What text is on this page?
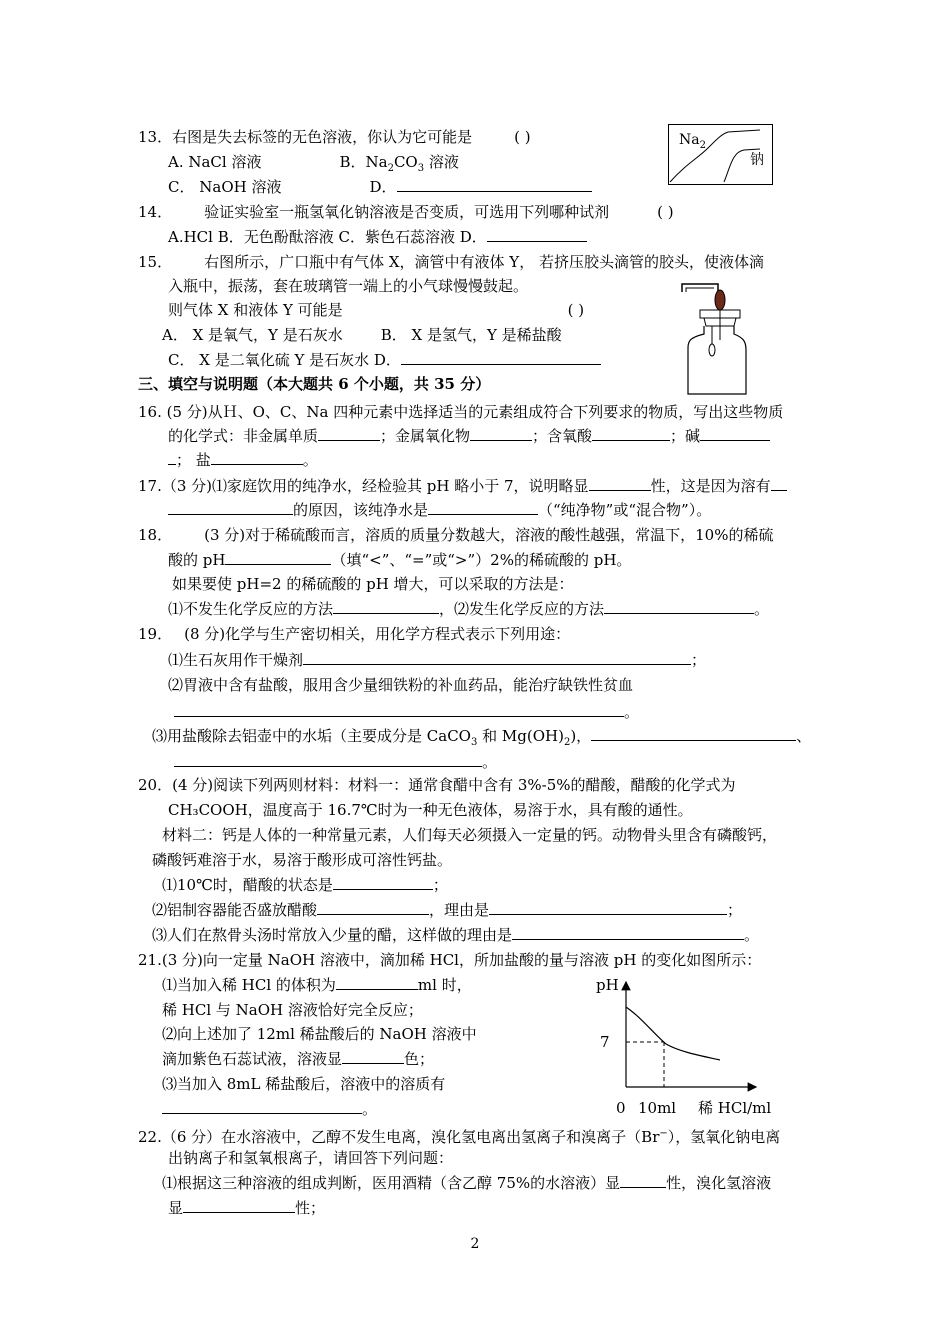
13．右图是失去标签的无色溶液，你认为它可能是	( )
A. NaCl 溶液	B．$Na_2CO_3$ 溶液
C． NaOH 溶液	D．
$Na_2$
钠
14． 验证实验室一瓶氢氧化钠溶液是否变质，可选用下列哪种试剂	( )
A.HCl B．无色酚酞溶液 C．紫色石蕊溶液 D．
15． 右图所示，广口瓶中有气体 X，滴管中有液体 Y， 若挤压胶头滴管的胶头，使液体滴
入瓶中，振荡，套在玻璃管一端上的小气球慢慢鼓起。
则气体 X 和液体 Y 可能是	( )
A． X 是氧气，Y 是石灰水	B． X 是氢气，Y 是稀盐酸
C． X 是二氧化硫 Y 是石灰水 D．
三、填空与说明题（本大题共 6 个小题，共 35 分）
16. (5 分)从Ｈ、O、C、Na 四种元素中选择适当的元素组成符合下列要求的物质，写出这些物质
的化学式：非金属单质	；金属氧化物	；含氧酸	；碱
； 盐	。
17.（3 分)⑴家庭饮用的纯净水，经检验其 pH 略小于 7，说明略显	性，这是因为溶有
的原因，该纯净水是	（“纯净物”或“混合物”）。
18． (3 分)对于稀硫酸而言，溶质的质量分数越大，溶液的酸性越强，常温下，10%的稀硫
酸的 pH	（填“<”、“=”或“>”）2%的稀硫酸的 pH。
如果要使 pH=2 的稀硫酸的 pH 增大，可以采取的方法是：
⑴不发生化学反应的方法	，⑵发生化学反应的方法	。
19． (8 分)化学与生产密切相关，用化学方程式表示下列用途：
⑴生石灰用作干燥剂	；
⑵胃液中含有盐酸，服用含少量细铁粉的补血药品，能治疗缺铁性贫血
。
⑶用盐酸除去铝壶中的水垢（主要成分是 CaCO$_3$ 和 $Mg(OH)_2$)，	、
。
20．(4 分)阅读下列两则材料：材料一：通常食醋中含有 3%-5%的醋酸，醋酸的化学式为
CH₃COOH，温度高于 16.7℃时为一种无色液体，易溶于水，具有酸的通性。
材料二：钙是人体的一种常量元素，人们每天必须摄入一定量的钙。动物骨头里含有磷酸钙，
磷酸钙难溶于水，易溶于酸形成可溶性钙盐。
⑴10℃时，醋酸的状态是	；
⑵铝制容器能否盛放醋酸	，理由是	；
⑶人们在熬骨头汤时常放入少量的醋，这样做的理由是	。
21.(3 分)向一定量 NaOH 溶液中，滴加稀 HCl，所加盐酸的量与溶液 pH 的变化如图所示：
⑴当加入稀 HCl 的体积为	ml 时，
稀 HCl 与 NaOH 溶液恰好完全反应；
⑵向上述加了 12ml 稀盐酸后的 NaOH 溶液中
滴加紫色石蕊试液，溶液显	色；
⑶当加入 8mL 稀盐酸后，溶液中的溶质有
。
pH
7
0 10ml 稀 HCl/ml
22.（6 分）在水溶液中，乙醇不发生电离，溴化氢电离出氢离子和溴离子（Br−），氢氧化钠电离
出钠离子和氢氧根离子，请回答下列问题：
⑴根据这三种溶液的组成判断，医用酒精（含乙醇 75%的水溶液）显	性，溴化氢溶液
显	性；
2
